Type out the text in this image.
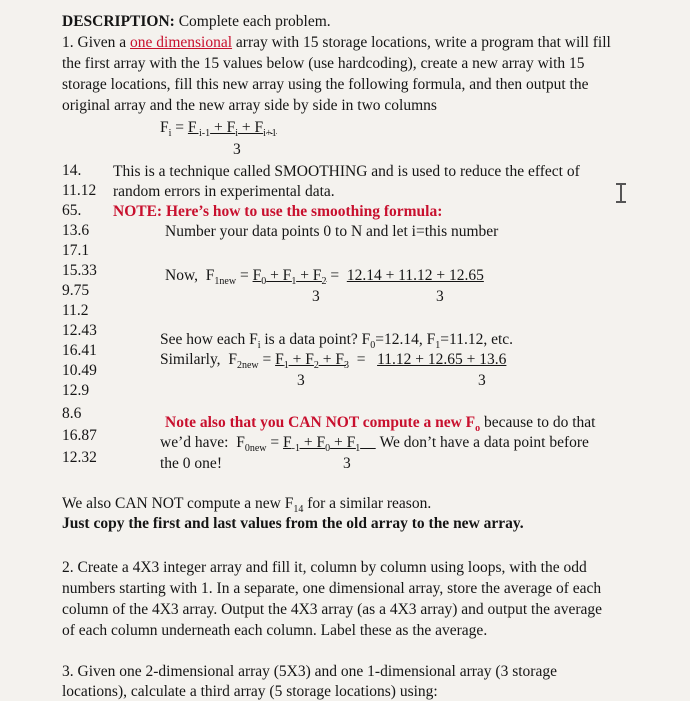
DESCRIPTION: Complete each problem.
1. Given a one dimensional array with 15 storage locations, write a program that will fill
the first array with the 15 values below (use hardcoding), create a new array with 15
storage locations, fill this new array using the following formula, and then output the
original array and the new array side by side in two columns
$F_i = F$ $_{i-1} + F_i + F_{i+1}$
3
14.
11.12
65.
13.6
17.1
15.33
9.75
11.2
12.43
16.41
10.49
12.9
8.6
16.87
12.32
This is a technique called SMOOTHING and is used to reduce the effect of
random errors in experimental data.
NOTE: Here’s how to use the smoothing formula:
Number your data points 0 to N and let i=this number
Now,  $F_{1new} = F_0 + F_1 + F_2 = 12.14 + 11.12 + 12.65$
3	3
See how each $F_i$ is a data point? $F_0=12.14$, $F_1=11.12$, etc.
Similarly,  $F_{2new} = F_1 + F_2 + F_3 = 11.12 + 12.65 + 13.6$
3	3
Note also that you CAN NOT compute a new $F_o$ because to do that
we’d have:  $F_{0new} = F_{-1} + F_0 + F_1$ We don’t have a data point before
the 0 one!	3
We also CAN NOT compute a new $F_{14}$ for a similar reason.
Just copy the first and last values from the old array to the new array.
2. Create a 4X3 integer array and fill it, column by column using loops, with the odd
numbers starting with 1. In a separate, one dimensional array, store the average of each
column of the 4X3 array. Output the 4X3 array (as a 4X3 array) and output the average
of each column underneath each column. Label these as the average.
3. Given one 2-dimensional array (5X3) and one 1-dimensional array (3 storage
locations), calculate a third array (5 storage locations) using:
